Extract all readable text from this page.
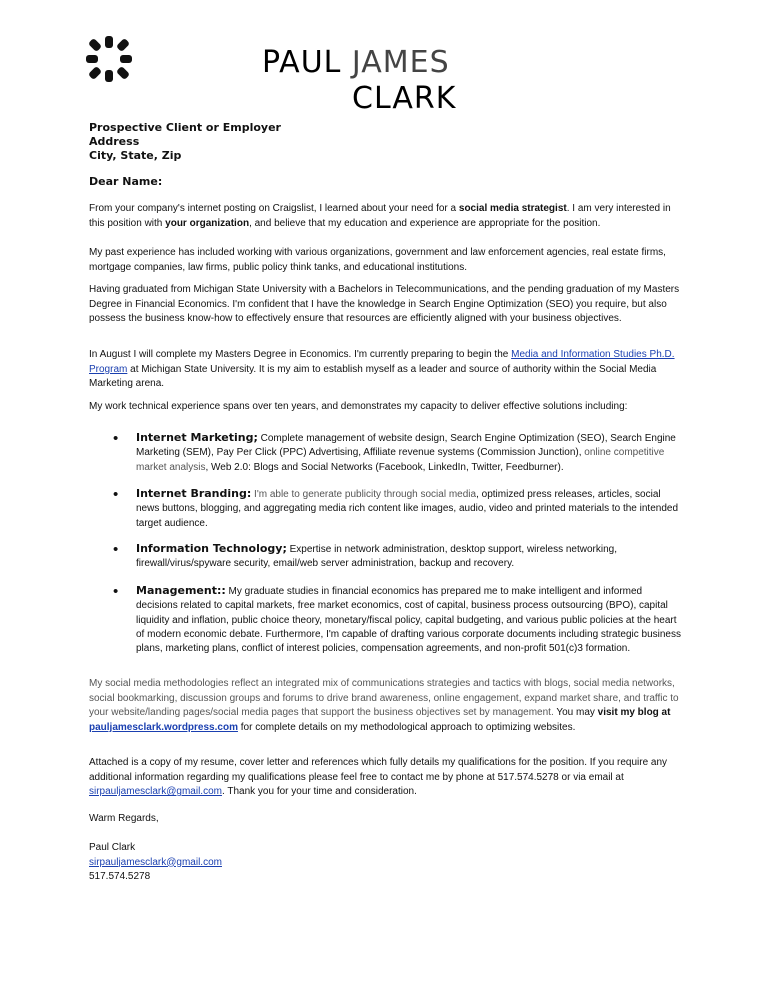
PAUL JAMES
CLARK
Prospective Client or Employer
Address
City, State, Zip
Dear Name:
From your company's internet posting on Craigslist, I learned about your need for a social media strategist. I am very interested in this position with your organization, and believe that my education and experience are appropriate for the position.
My past experience has included working with various organizations, government and law enforcement agencies, real estate firms, mortgage companies, law firms, public policy think tanks, and educational institutions.
Having graduated from Michigan State University with a Bachelors in Telecommunications, and the pending graduation of my Masters Degree in Financial Economics. I'm confident that I have the knowledge in Search Engine Optimization (SEO) you require, but also possess the business know-how to effectively ensure that resources are efficiently aligned with your business objectives.
In August I will complete my Masters Degree in Economics. I'm currently preparing to begin the Media and Information Studies Ph.D. Program at Michigan State University. It is my aim to establish myself as a leader and source of authority within the Social Media Marketing arena.
My work technical experience spans over ten years, and demonstrates my capacity to deliver effective solutions including:
• Internet Marketing; Complete management of website design, Search Engine Optimization (SEO), Search Engine Marketing (SEM), Pay Per Click (PPC) Advertising, Affiliate revenue systems (Commission Junction), online competitive market analysis, Web 2.0: Blogs and Social Networks (Facebook, LinkedIn, Twitter, Feedburner).
• Internet Branding: I'm able to generate publicity through social media, optimized press releases, articles, social news buttons, blogging, and aggregating media rich content like images, audio, video and printed materials to the intended target audience.
• Information Technology; Expertise in network administration, desktop support, wireless networking, firewall/virus/spyware security, email/web server administration, backup and recovery.
• Management:: My graduate studies in financial economics has prepared me to make intelligent and informed decisions related to capital markets, free market economics, cost of capital, business process outsourcing (BPO), capital liquidity and inflation, public choice theory, monetary/fiscal policy, capital budgeting, and various public policies at the heart of modern economic debate. Furthermore, I'm capable of drafting various corporate documents including strategic business plans, marketing plans, conflict of interest policies, compensation agreements, and non-profit 501(c)3 formation.
My social media methodologies reflect an integrated mix of communications strategies and tactics with blogs, social media networks, social bookmarking, discussion groups and forums to drive brand awareness, online engagement, expand market share, and traffic to your website/landing pages/social media pages that support the business objectives set by management. You may visit my blog at pauljamesclark.wordpress.com for complete details on my methodological approach to optimizing websites.
Attached is a copy of my resume, cover letter and references which fully details my qualifications for the position. If you require any additional information regarding my qualifications please feel free to contact me by phone at 517.574.5278 or via email at sirpauljamesclark@gmail.com. Thank you for your time and consideration.
Warm Regards,
Paul Clark
sirpauljamesclark@gmail.com
517.574.5278
